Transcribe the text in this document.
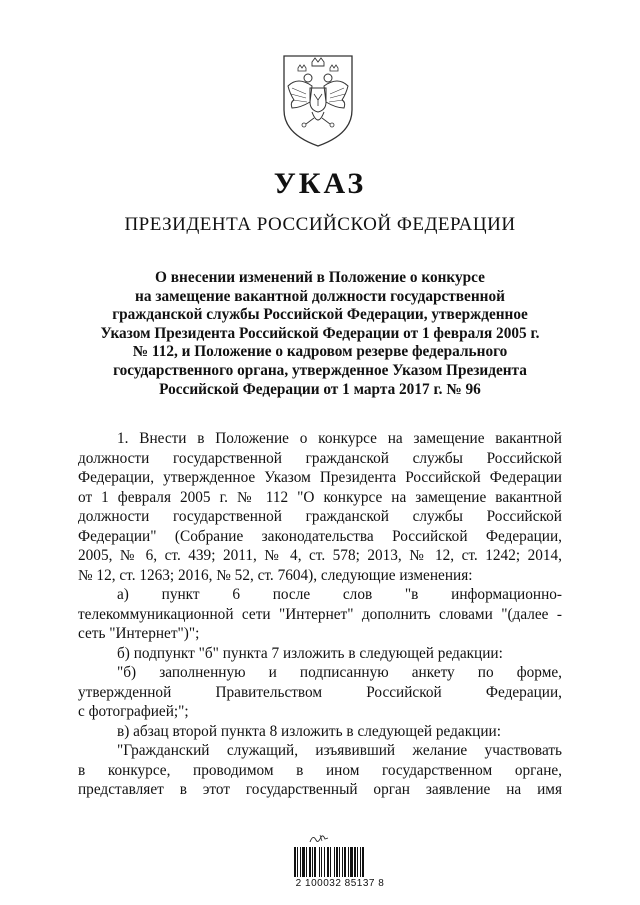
УКАЗ
ПРЕЗИДЕНТА РОССИЙСКОЙ ФЕДЕРАЦИИ
О внесении изменений в Положение о конкурсе
на замещение вакантной должности государственной
гражданской службы Российской Федерации, утвержденное
Указом Президента Российской Федерации от 1 февраля 2005 г.
№ 112, и Положение о кадровом резерве федерального
государственного органа, утвержденное Указом Президента
Российской Федерации от 1 марта 2017 г. № 96
1. Внести в Положение о конкурсе на замещение вакантной
должности государственной гражданской службы Российской
Федерации, утвержденное Указом Президента Российской Федерации
от 1 февраля 2005 г. № 112 "О конкурсе на замещение вакантной
должности государственной гражданской службы Российской
Федерации" (Собрание законодательства Российской Федерации,
2005, № 6, ст. 439; 2011, № 4, ст. 578; 2013, № 12, ст. 1242; 2014,
№ 12, ст. 1263; 2016, № 52, ст. 7604), следующие изменения:
а) пункт 6 после слов "в информационно-
телекоммуникационной сети "Интернет" дополнить словами "(далее -
сеть "Интернет")";
б) подпункт "б" пункта 7 изложить в следующей редакции:
"б) заполненную и подписанную анкету по форме,
утвержденной Правительством Российской Федерации,
с фотографией;";
в) абзац второй пункта 8 изложить в следующей редакции:
"Гражданский служащий, изъявивший желание участвовать
в конкурсе, проводимом в ином государственном органе,
представляет в этот государственный орган заявление на имя
2 100032 85137 8
